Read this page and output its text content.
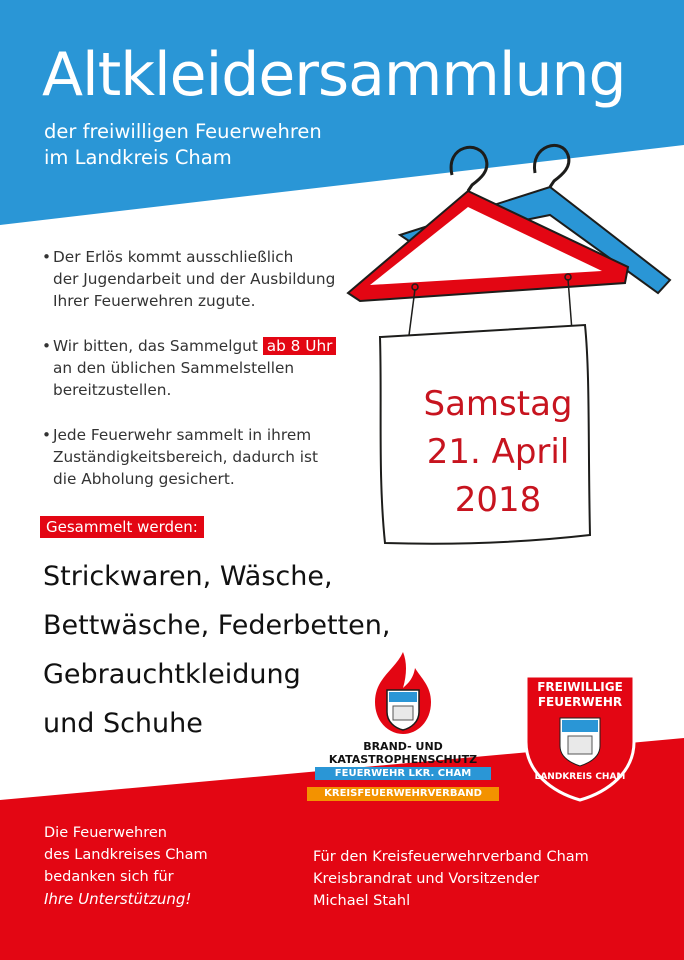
Altkleidersammlung
der freiwilligen Feuerwehren
im Landkreis Cham
• Der Erlös kommt ausschließlich
der Jugendarbeit und der Ausbildung
Ihrer Feuerwehren zugute.
• Wir bitten, das Sammelgut ab 8 Uhr
an den üblichen Sammelstellen
bereitzustellen.
• Jede Feuerwehr sammelt in ihrem
Zuständigkeitsbereich, dadurch ist
die Abholung gesichert.
Samstag
21. April
2018
Gesammelt werden:
Strickwaren, Wäsche,
Bettwäsche, Federbetten,
Gebrauchtkleidung
und Schuhe
BRAND- UND
KATASTROPHENSCHUTZ
FEUERWEHR LKR. CHAM
KREISFEUERWEHRVERBAND
FREIWILLIGE
FEUERWEHR
LANDKREIS CHAM
Die Feuerwehren
des Landkreises Cham
bedanken sich für
Ihre Unterstützung!
Für den Kreisfeuerwehrverband Cham
Kreisbrandrat und Vorsitzender
Michael Stahl
